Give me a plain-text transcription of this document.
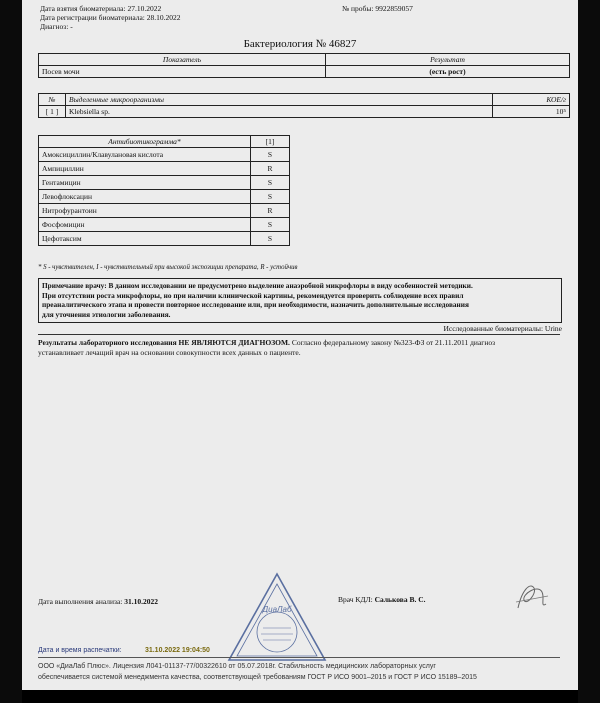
Дата взятия биоматериала: 27.10.2022
Дата регистрации биоматериала: 28.10.2022
Диагноз: -
№ пробы: 9922859057
Бактериология № 46827
Показатель	Результат
Посев мочи	(есть рост)
№	Выделенные микроорганизмы	КОЕ/г
[ 1 ]	Klebsiella sp.	10⁵
Антибиотикограмма*	[1]
Амоксициллин/Клавулановая кислота	S
Ампициллин	R
Гентамицин	S
Левофлоксацин	S
Нитрофурантоин	R
Фосфомицин	S
Цефотаксим	S
* S - чувствителен, I - чувствительный при высокой экспозиции препарата, R - устойчив
Примечание врачу: В данном исследовании не предусмотрено выделение анаэробной микрофлоры в виду особенностей методики.
При отсутствии роста микрофлоры, но при наличии клинической картины, рекомендуется проверить соблюдение всех правил
преаналитического этапа и провести повторное исследование или, при необходимости, назначить дополнительные исследования
для уточнения этиологии заболевания.
Исследованные биоматериалы: Urine
Результаты лабораторного исследования НЕ ЯВЛЯЮТСЯ ДИАГНОЗОМ. Согласно федеральному закону №323-ФЗ от 21.11.2011 диагноз
устанавливает лечащий врач на основании совокупности всех данных о пациенте.
Дата выполнения анализа: 31.10.2022	Врач КДЛ: Салькова В. С.
ДиаЛаб
Дата и время распечатки:	31.10.2022 19:04:50
ООО «ДиаЛаб Плюс». Лицензия Л041-01137-77/00322610 от 05.07.2018г. Стабильность медицинских лабораторных услуг
обеспечивается системой менеджмента качества, соответствующей требованиям ГОСТ Р ИСО 9001–2015 и ГОСТ Р ИСО 15189–2015
